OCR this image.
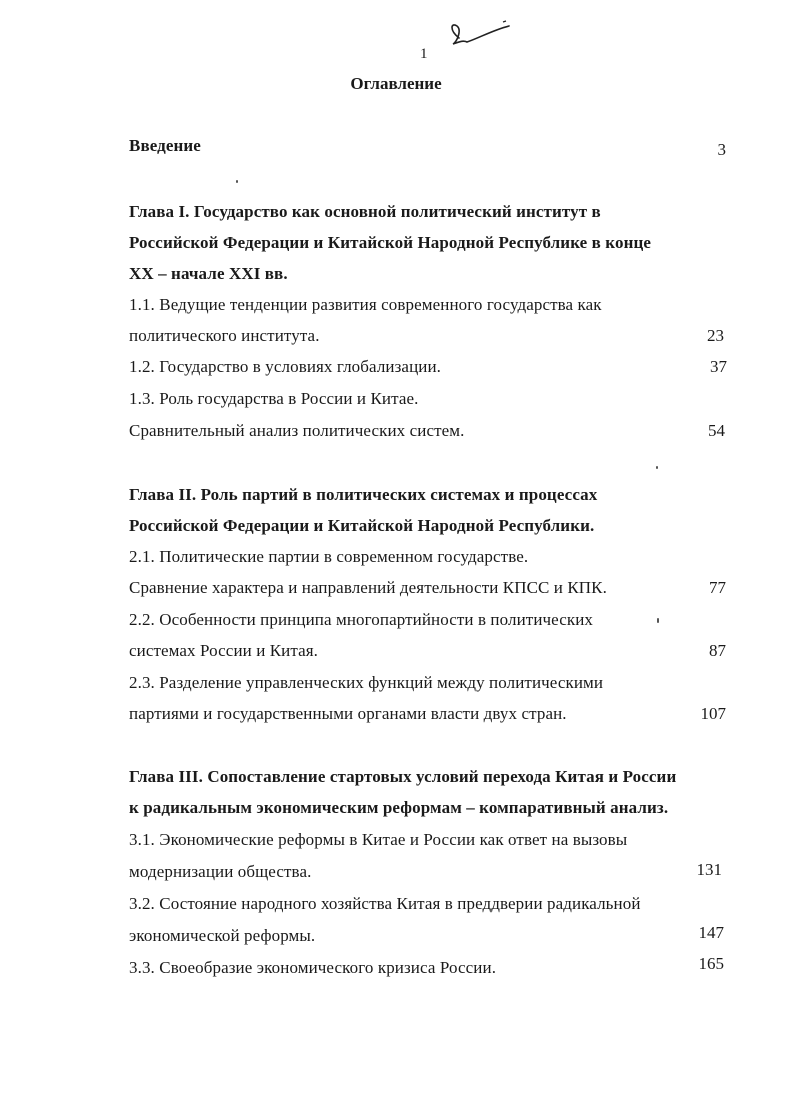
1
Оглавление
Введение	3
Глава I. Государство как основной политический институт в
Российской Федерации и Китайской Народной Республике в конце
XX – начале XXI вв.
1.1. Ведущие тенденции развития современного государства как
политического института.	23
1.2. Государство в условиях глобализации.	37
1.3. Роль государства в России и Китае.
Сравнительный анализ политических систем.	54
Глава II. Роль партий в политических системах и процессах
Российской Федерации и Китайской Народной Республики.
2.1. Политические партии в современном государстве.
Сравнение характера и направлений деятельности КПСС и КПК.	77
2.2. Особенности принципа многопартийности в политических
системах России и Китая.	87
2.3. Разделение управленческих функций между политическими
партиями и государственными органами власти двух стран.	107
Глава III. Сопоставление стартовых условий перехода Китая и России
к радикальным экономическим реформам – компаративный анализ.
3.1. Экономические реформы в Китае и России как ответ на вызовы
модернизации общества.	131
3.2. Состояние народного хозяйства Китая в преддверии радикальной
экономической реформы.	147
3.3. Своеобразие экономического кризиса России.	165
